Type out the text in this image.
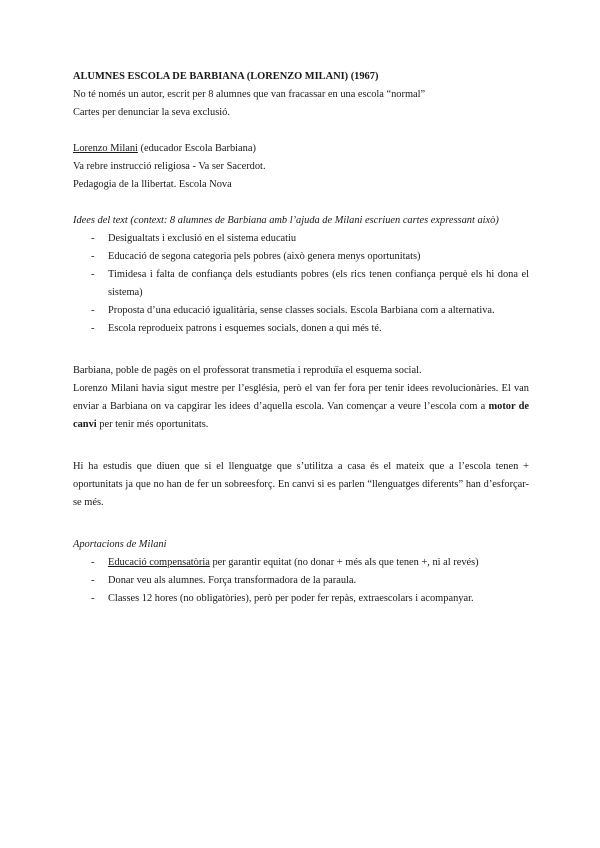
ALUMNES ESCOLA DE BARBIANA (LORENZO MILANI) (1967)

No té només un autor, escrit per 8 alumnes que van fracassar en una escola “normal”

Cartes per denunciar la seva exclusió.

Lorenzo Milani (educador Escola Barbiana)

Va rebre instrucció religiosa - Va ser Sacerdot.

Pedagogia de la llibertat. Escola Nova

Idees del text (context: 8 alumnes de Barbiana amb l’ajuda de Milani escriuen cartes expressant això)

- Desigualtats i exclusió en el sistema educatiu
- Educació de segona categoria pels pobres (això genera menys oportunitats)
- Timidesa i falta de confiança dels estudiants pobres (els rics tenen confiança perquè els hi dona el sistema)
- Proposta d’una educació igualitària, sense classes socials. Escola Barbiana com a alternativa.
- Escola reprodueix patrons i esquemes socials, donen a qui més té.

Barbiana, poble de pagès on el professorat transmetia i reproduïa el esquema social.

Lorenzo Milani havia sigut mestre per l’església, però el van fer fora per tenir idees revolucionàries. El van enviar a Barbiana on va capgirar les idees d’aquella escola. Van començar a veure l’escola com a motor de canvi per tenir més oportunitats.

Hi ha estudis que diuen que si el llenguatge que s’utilitza a casa és el mateix que a l’escola tenen + oportunitats ja que no han de fer un sobreesforç. En canvi si es parlen “llenguatges diferents” han d’esforçar-se més.

Aportacions de Milani

- Educació compensatòria per garantir equitat (no donar + més als que tenen +, ni al revés)
- Donar veu als alumnes. Força transformadora de la paraula.
- Classes 12 hores (no obligatòries), però per poder fer repàs, extraescolars i acompanyar.
